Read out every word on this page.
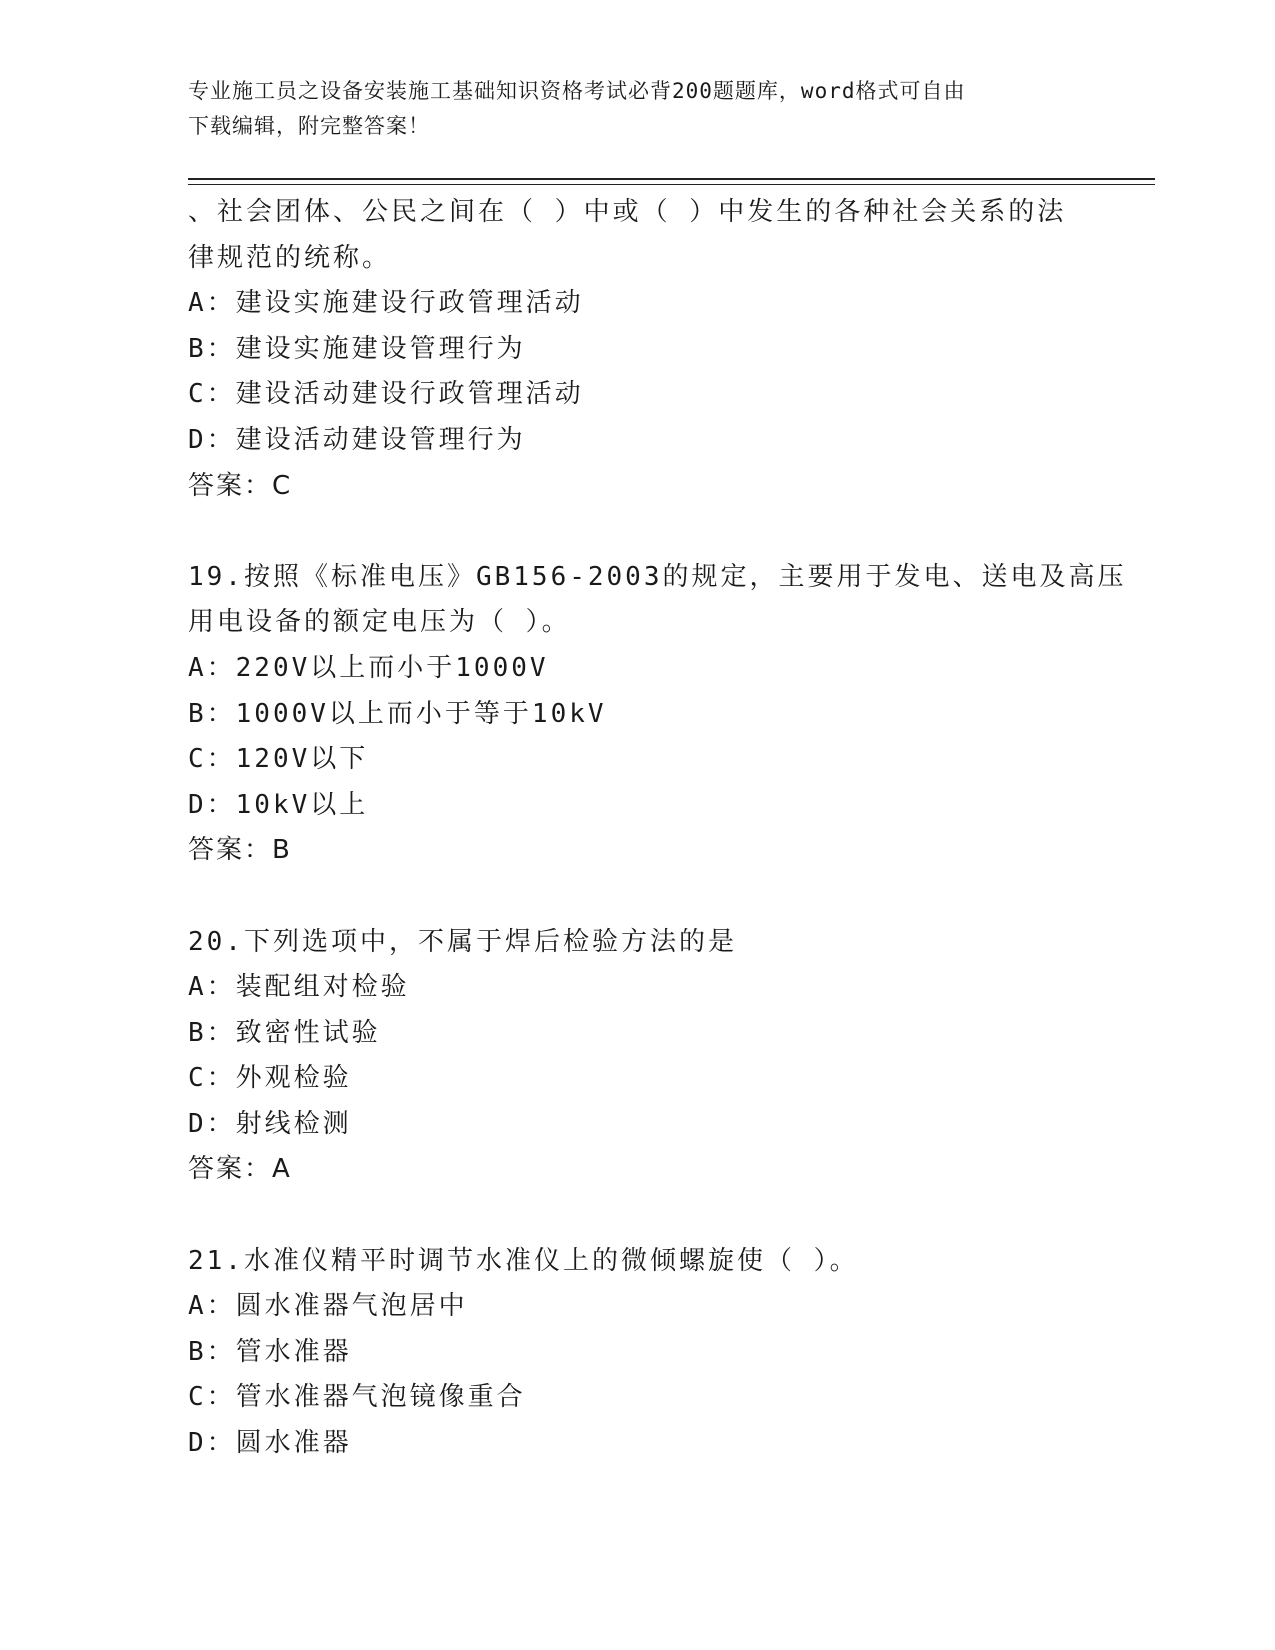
专业施工员之设备安装施工基础知识资格考试必背200题题库，word格式可自由
下载编辑，附完整答案！
、社会团体、公民之间在（ ）中或（ ）中发生的各种社会关系的法
律规范的统称。
A：建设实施建设行政管理活动
B：建设实施建设管理行为
C：建设活动建设行政管理活动
D：建设活动建设管理行为
答案：C
19.按照《标准电压》GB156-2003的规定，主要用于发电、送电及高压
用电设备的额定电压为（ ）。
A：220V以上而小于1000V
B：1000V以上而小于等于10kV
C：120V以下
D：10kV以上
答案：B
20.下列选项中，不属于焊后检验方法的是
A：装配组对检验
B：致密性试验
C：外观检验
D：射线检测
答案：A
21.水准仪精平时调节水准仪上的微倾螺旋使（ ）。
A：圆水准器气泡居中
B：管水准器
C：管水准器气泡镜像重合
D：圆水准器
